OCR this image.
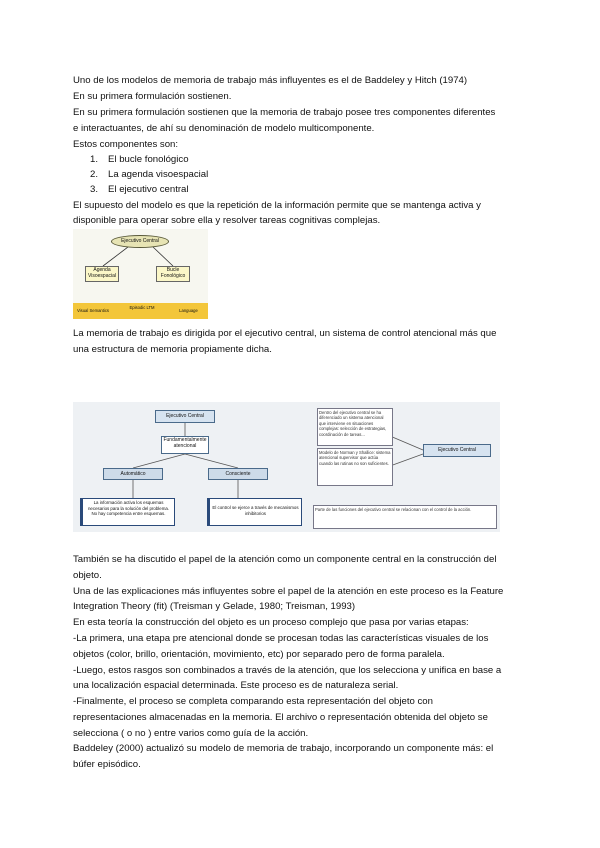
Uno de los modelos de memoria de trabajo más influyentes es el de Baddeley y Hitch (1974)

En su primera formulación sostienen.

En su primera formulación sostienen que la memoria de trabajo posee tres componentes diferentes

e interactuantes, de ahí su denominación de modelo multicomponente.

Estos componentes son:

1. El bucle fonológico
2. La agenda visoespacial
3. El ejecutivo central

El supuesto del modelo es que la repetición de la información permite que se mantenga activa y

disponible para operar sobre ella y resolver tareas cognitivas complejas.

Ejecutivo Central
Agenda Visoespacial
Bucle Fonológico
Visual Semantics
Episodic LTM
Language

La memoria de trabajo es dirigida por el ejecutivo central, un sistema de control atencional más que

una estructura de memoria propiamente dicha.

Ejecutivo Central
Fundamentalmente atencional
Automático	Consciente
La información activa los esquemas necesarios para la solución del problema. No hay competencia entre esquemas.
El control se ejerce a través de mecanismos inhibitorios
Dentro del ejecutivo central se ha diferenciado un sistema atencional que interviene en situaciones complejas: selección de estrategias, coordinación de tareas...
Modelo de Norman y Shallice: sistema atencional supervisor que actúa cuando las rutinas no son suficientes.
Parte de las funciones del ejecutivo central se relacionan con el control de la acción.
Ejecutivo Central

También se ha discutido el papel de la atención como un componente central en la construcción del

objeto.

Una de las explicaciones más influyentes sobre el papel de la atención en este proceso es la Feature

Integration Theory (fit) (Treisman y Gelade, 1980; Treisman, 1993)

En esta teoría la construcción del objeto es un proceso complejo que pasa por varias etapas:

-La primera, una etapa pre atencional donde se procesan todas las características visuales de los

objetos (color, brillo, orientación, movimiento, etc) por separado pero de forma paralela.

-Luego, estos rasgos son combinados a través de la atención, que los selecciona y unifica en base a

una localización espacial determinada. Este proceso es de naturaleza serial.

-Finalmente, el proceso se completa comparando esta representación del objeto con

representaciones almacenadas en la memoria. El archivo o representación obtenida del objeto se

selecciona ( o no ) entre varios como guía de la acción.

Baddeley (2000) actualizó su modelo de memoria de trabajo, incorporando un componente más: el

búfer episódico.
